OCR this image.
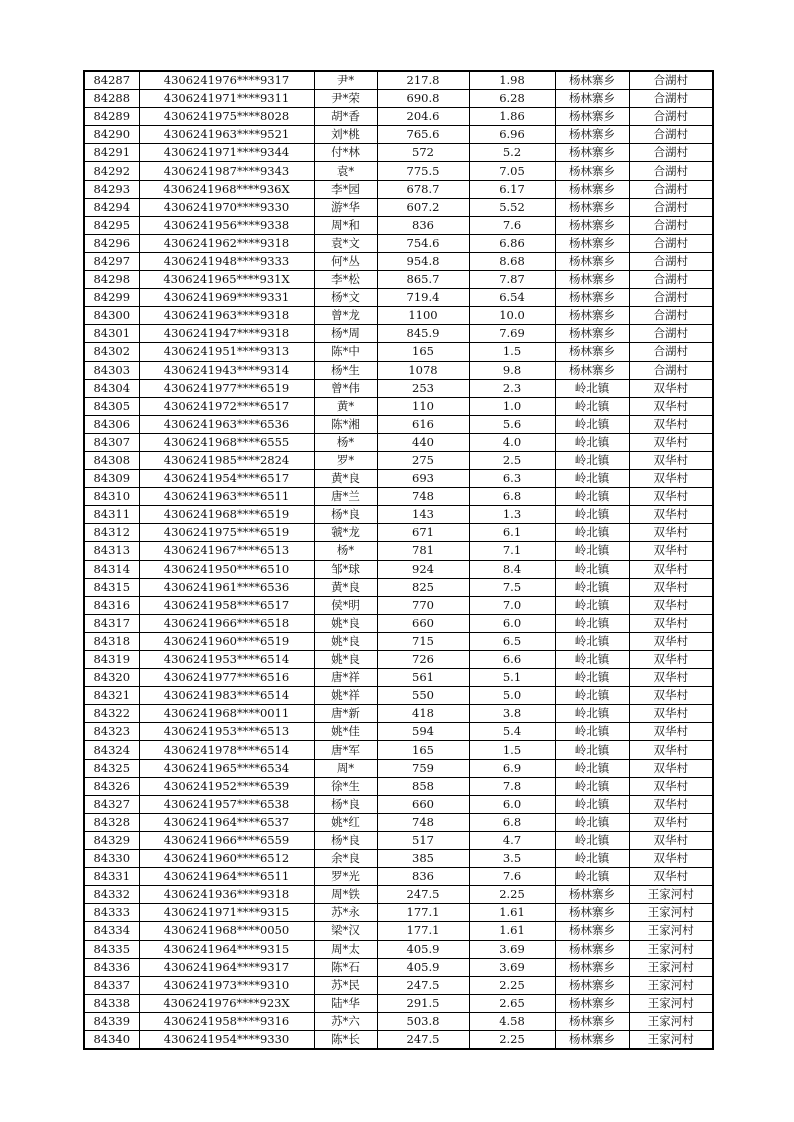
84287	4306241976****9317	尹*	217.8	1.98	杨林寨乡	合湖村
84288	4306241971****9311	尹*荣	690.8	6.28	杨林寨乡	合湖村
84289	4306241975****8028	胡*香	204.6	1.86	杨林寨乡	合湖村
84290	4306241963****9521	刘*桃	765.6	6.96	杨林寨乡	合湖村
84291	4306241971****9344	付*林	572	5.2	杨林寨乡	合湖村
84292	4306241987****9343	袁*	775.5	7.05	杨林寨乡	合湖村
84293	4306241968****936X	李*园	678.7	6.17	杨林寨乡	合湖村
84294	4306241970****9330	游*华	607.2	5.52	杨林寨乡	合湖村
84295	4306241956****9338	周*和	836	7.6	杨林寨乡	合湖村
84296	4306241962****9318	袁*文	754.6	6.86	杨林寨乡	合湖村
84297	4306241948****9333	何*丛	954.8	8.68	杨林寨乡	合湖村
84298	4306241965****931X	李*松	865.7	7.87	杨林寨乡	合湖村
84299	4306241969****9331	杨*文	719.4	6.54	杨林寨乡	合湖村
84300	4306241963****9318	曾*龙	1100	10.0	杨林寨乡	合湖村
84301	4306241947****9318	杨*周	845.9	7.69	杨林寨乡	合湖村
84302	4306241951****9313	陈*中	165	1.5	杨林寨乡	合湖村
84303	4306241943****9314	杨*生	1078	9.8	杨林寨乡	合湖村
84304	4306241977****6519	曾*伟	253	2.3	岭北镇	双华村
84305	4306241972****6517	黄*	110	1.0	岭北镇	双华村
84306	4306241963****6536	陈*湘	616	5.6	岭北镇	双华村
84307	4306241968****6555	杨*	440	4.0	岭北镇	双华村
84308	4306241985****2824	罗*	275	2.5	岭北镇	双华村
84309	4306241954****6517	黄*良	693	6.3	岭北镇	双华村
84310	4306241963****6511	唐*兰	748	6.8	岭北镇	双华村
84311	4306241968****6519	杨*良	143	1.3	岭北镇	双华村
84312	4306241975****6519	虢*龙	671	6.1	岭北镇	双华村
84313	4306241967****6513	杨*	781	7.1	岭北镇	双华村
84314	4306241950****6510	邹*球	924	8.4	岭北镇	双华村
84315	4306241961****6536	黄*良	825	7.5	岭北镇	双华村
84316	4306241958****6517	侯*明	770	7.0	岭北镇	双华村
84317	4306241966****6518	姚*良	660	6.0	岭北镇	双华村
84318	4306241960****6519	姚*良	715	6.5	岭北镇	双华村
84319	4306241953****6514	姚*良	726	6.6	岭北镇	双华村
84320	4306241977****6516	唐*祥	561	5.1	岭北镇	双华村
84321	4306241983****6514	姚*祥	550	5.0	岭北镇	双华村
84322	4306241968****0011	唐*新	418	3.8	岭北镇	双华村
84323	4306241953****6513	姚*佳	594	5.4	岭北镇	双华村
84324	4306241978****6514	唐*军	165	1.5	岭北镇	双华村
84325	4306241965****6534	周*	759	6.9	岭北镇	双华村
84326	4306241952****6539	徐*生	858	7.8	岭北镇	双华村
84327	4306241957****6538	杨*良	660	6.0	岭北镇	双华村
84328	4306241964****6537	姚*红	748	6.8	岭北镇	双华村
84329	4306241966****6559	杨*良	517	4.7	岭北镇	双华村
84330	4306241960****6512	余*良	385	3.5	岭北镇	双华村
84331	4306241964****6511	罗*光	836	7.6	岭北镇	双华村
84332	4306241936****9318	周*铁	247.5	2.25	杨林寨乡	王家河村
84333	4306241971****9315	苏*永	177.1	1.61	杨林寨乡	王家河村
84334	4306241968****0050	梁*汉	177.1	1.61	杨林寨乡	王家河村
84335	4306241964****9315	周*太	405.9	3.69	杨林寨乡	王家河村
84336	4306241964****9317	陈*石	405.9	3.69	杨林寨乡	王家河村
84337	4306241973****9310	苏*民	247.5	2.25	杨林寨乡	王家河村
84338	4306241976****923X	陆*华	291.5	2.65	杨林寨乡	王家河村
84339	4306241958****9316	苏*六	503.8	4.58	杨林寨乡	王家河村
84340	4306241954****9330	陈*长	247.5	2.25	杨林寨乡	王家河村
